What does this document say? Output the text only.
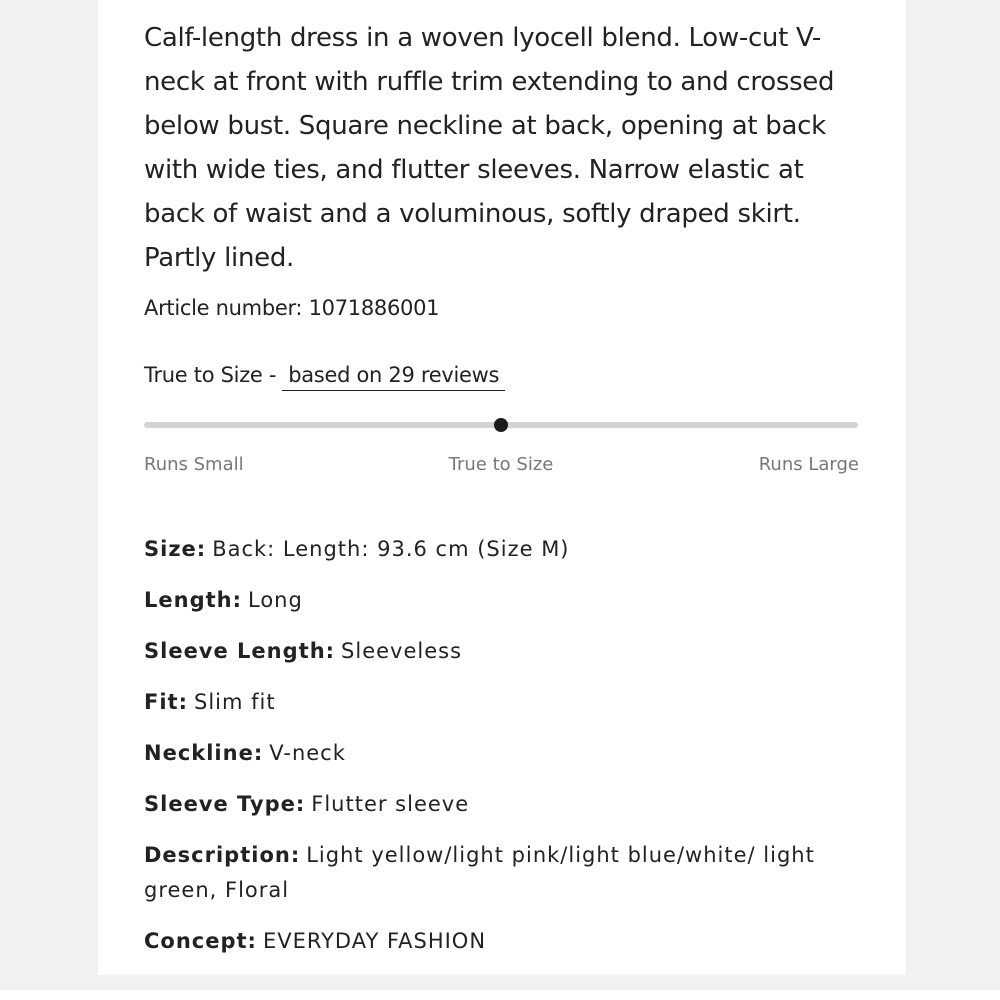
Calf-length dress in a woven lyocell blend. Low-cut V-neck at front with ruffle trim extending to and crossed below bust. Square neckline at back, opening at back with wide ties, and flutter sleeves. Narrow elastic at back of waist and a voluminous, softly draped skirt. Partly lined.

Article number: 1071886001
True to Size - based on 29 reviews
Runs Small	True to Size	Runs Large
Size: Back: Length: 93.6 cm (Size M)
Length: Long
Sleeve Length: Sleeveless
Fit: Slim fit
Neckline: V-neck
Sleeve Type: Flutter sleeve
Description: Light yellow/light pink/light blue/white/ light green, Floral
Concept: EVERYDAY FASHION
